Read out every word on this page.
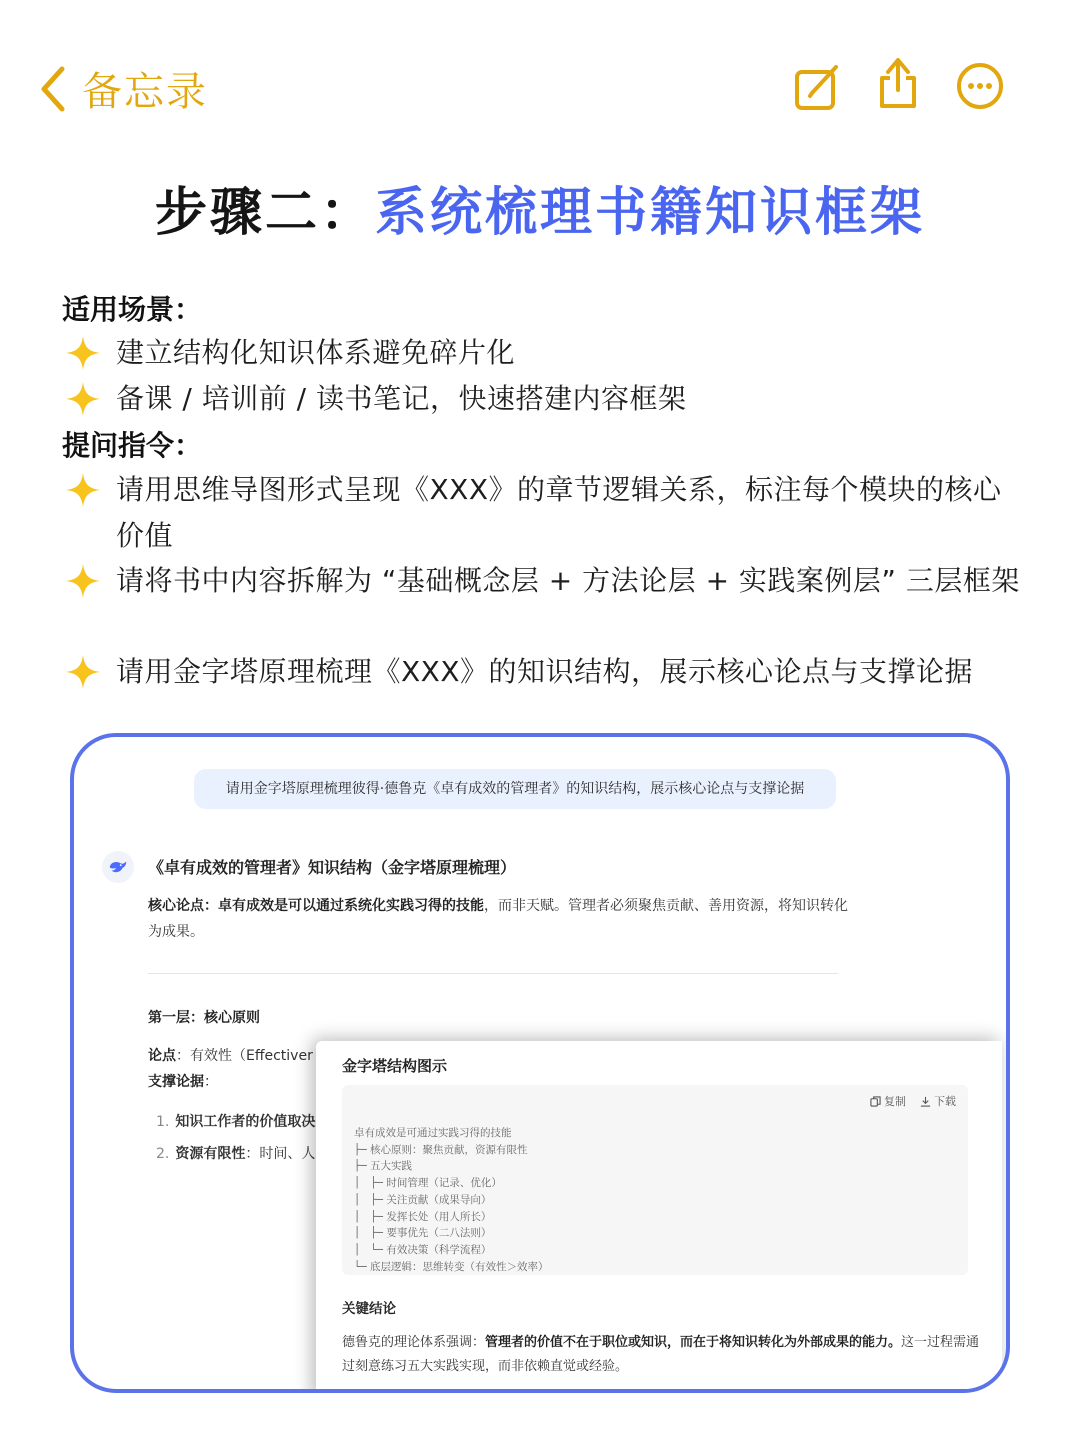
备忘录
步骤二：系统梳理书籍知识框架
适用场景：
建立结构化知识体系避免碎片化
备课 / 培训前 / 读书笔记，快速搭建内容框架
提问指令：
请用思维导图形式呈现《XXX》的章节逻辑关系，标注每个模块的核心价值
请将书中内容拆解为 “基础概念层 + 方法论层 + 实践案例层” 三层框架
请用金字塔原理梳理《XXX》的知识结构，展示核心论点与支撑论据
请用金字塔原理梳理彼得·德鲁克《卓有成效的管理者》的知识结构，展示核心论点与支撑论据
《卓有成效的管理者》知识结构（金字塔原理梳理）
核心论点：卓有成效是可以通过系统化实践习得的技能，而非天赋。管理者必须聚焦贡献、善用资源，将知识转化为成果。
第一层：核心原则
论点：有效性（Effectiver
支撑论据：
1. 知识工作者的价值取决
2. 资源有限性：时间、人
金字塔结构图示
复制	下载
卓有成效是可通过实践习得的技能
├─ 核心原则：聚焦贡献，资源有限性
├─ 五大实践
│   ├─ 时间管理（记录、优化）
│   ├─ 关注贡献（成果导向）
│   ├─ 发挥长处（用人所长）
│   ├─ 要事优先（二八法则）
│   └─ 有效决策（科学流程）
└─ 底层逻辑：思维转变（有效性＞效率）
关键结论
德鲁克的理论体系强调：管理者的价值不在于职位或知识，而在于将知识转化为外部成果的能力。这一过程需通过刻意练习五大实践实现，而非依赖直觉或经验。
